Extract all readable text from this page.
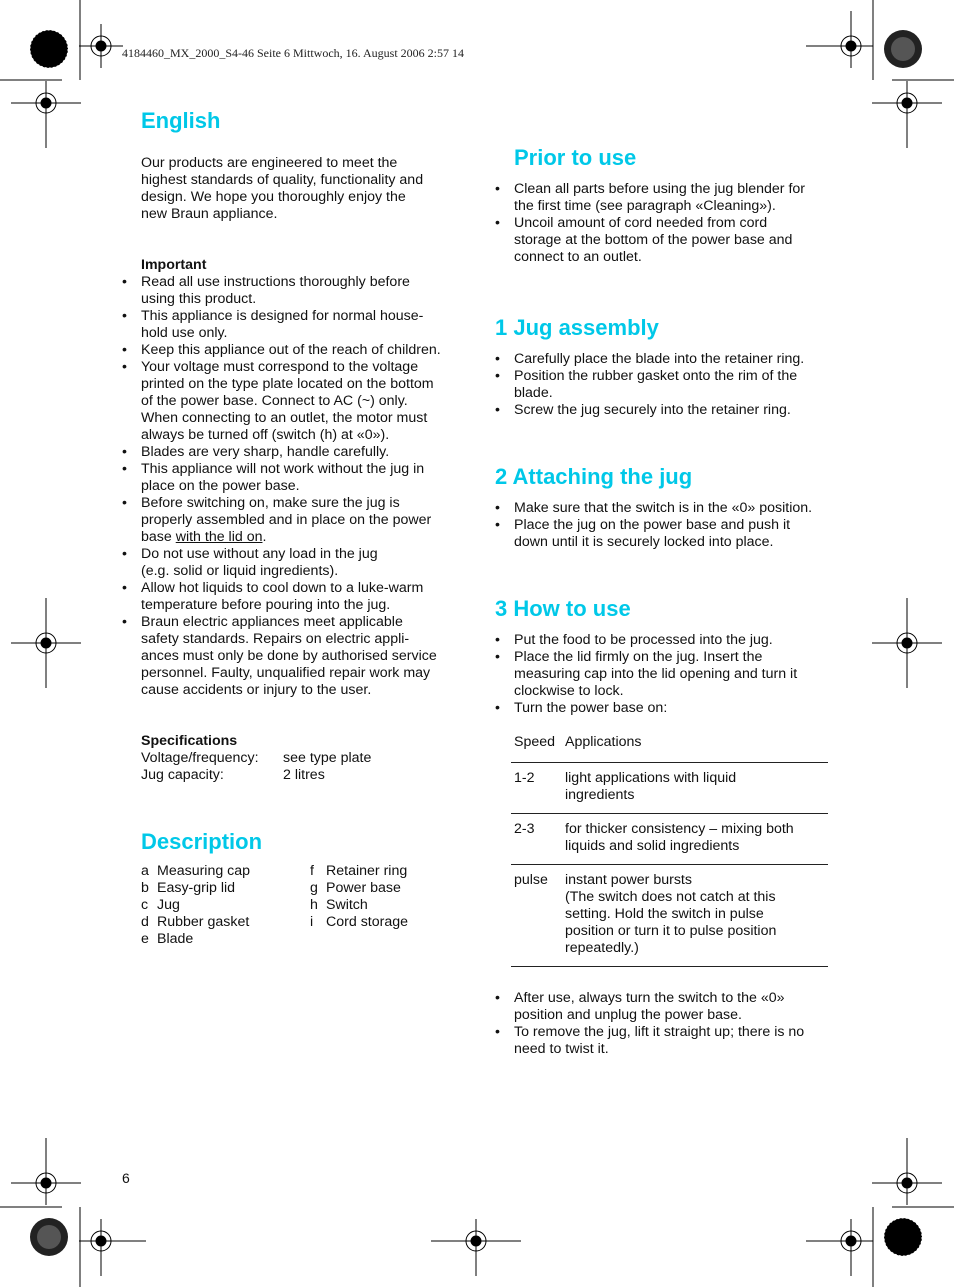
4184460_MX_2000_S4-46 Seite 6 Mittwoch, 16. August 2006 2:57 14
English
Our products are engineered to meet the
highest standards of quality, functionality and
design. We hope you thoroughly enjoy the
new Braun appliance.
Important
• Read all use instructions thoroughly before
using this product.
• This appliance is designed for normal house-
hold use only.
• Keep this appliance out of the reach of children.
• Your voltage must correspond to the voltage
printed on the type plate located on the bottom
of the power base. Connect to AC (~) only.
When connecting to an outlet, the motor must
always be turned off (switch (h) at «0»).
• Blades are very sharp, handle carefully.
• This appliance will not work without the jug in
place on the power base.
• Before switching on, make sure the jug is
properly assembled and in place on the power
base with the lid on.
• Do not use without any load in the jug
(e.g. solid or liquid ingredients).
• Allow hot liquids to cool down to a luke-warm
temperature before pouring into the jug.
• Braun electric appliances meet applicable
safety standards. Repairs on electric appli-
ances must only be done by authorised service
personnel. Faulty, unqualified repair work may
cause accidents or injury to the user.
Specifications
Voltage/frequency:	see type plate
Jug capacity:	2 litres
Description
a Measuring cap	f Retainer ring
b Easy-grip lid	g Power base
c Jug	h Switch
d Rubber gasket	i Cord storage
e Blade
Prior to use
• Clean all parts before using the jug blender for
the first time (see paragraph «Cleaning»).
• Uncoil amount of cord needed from cord
storage at the bottom of the power base and
connect to an outlet.
1 Jug assembly
• Carefully place the blade into the retainer ring.
• Position the rubber gasket onto the rim of the
blade.
• Screw the jug securely into the retainer ring.
2 Attaching the jug
• Make sure that the switch is in the «0» position.
• Place the jug on the power base and push it
down until it is securely locked into place.
3 How to use
• Put the food to be processed into the jug.
• Place the lid firmly on the jug. Insert the
measuring cap into the lid opening and turn it
clockwise to lock.
• Turn the power base on:
Speed Applications
1-2	light applications with liquid
ingredients
2-3	for thicker consistency – mixing both
liquids and solid ingredients
pulse	instant power bursts
(The switch does not catch at this
setting. Hold the switch in pulse
position or turn it to pulse position
repeatedly.)
• After use, always turn the switch to the «0»
position and unplug the power base.
• To remove the jug, lift it straight up; there is no
need to twist it.
6
